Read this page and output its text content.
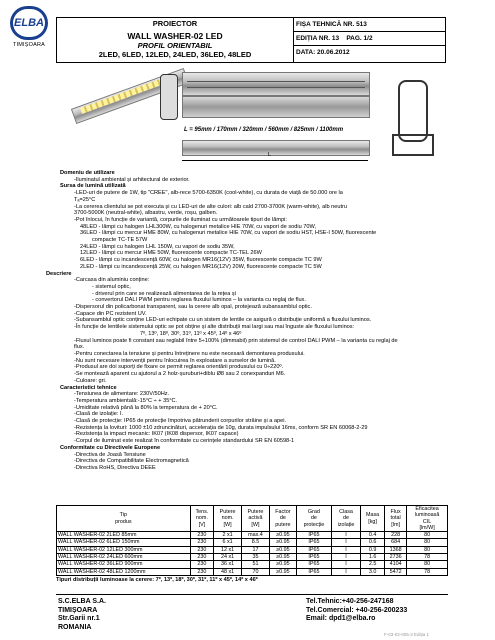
ELBA
TIMIȘOARA
PROIECTOR
WALL WASHER-02 LED
PROFIL ORIENTABIL
2LED, 6LED, 12LED, 24LED, 36LED, 48LED

FIȘA TEHNICĂ NR. 513
EDIȚIA NR. 13    PAG. 1/2
DATA: 20.06.2012
L
L = 95mm / 170mm / 320mm / 560mm / 825mm / 1100mm
Domeniu de utilizare
-Iluminatul ambiental și arhitectural de exterior.
Sursa de lumină utilizată
-LED-uri de putere de 1W, tip "CREE", alb-rece 5700-6350K (cool-white), cu durata de viață de 50.000 ore la
Tₐ=25°C
-La cererea clientului se pot executa și cu LED-uri de alte culori: alb cald 2700-3700K (warm-white), alb neutru
3700-5000K (neutral-white), albastru, verde, roșu, galben.
-Pot înlocui, în funcție de variantă, corpurile de iluminat cu următoarele tipuri de lămpi:
48LED - lămpi cu halogen LHL300W, cu halogenuri metalice HIE 70W, cu vapori de sodiu 70W,
36LED - lămpi cu mercur HME 80W, cu halogenuri metalice HIE 70W, cu vapori de sodiu HST, HSE-I 50W, fluorescente
compacte TC-TE 57W
24LED - lămpi cu halogen LHL 150W, cu vapori de sodiu 35W,
12LED - lămpi cu mercur HME 50W, fluorescente compacte TC-TEL 26W
6LED - lămpi cu incandescență 60W, cu halogen MR16(12V) 35W, fluorescente compacte TC 9W
2LED - lămpi cu incandescență 25W, cu halogen MR16(12V) 20W, fluorescente compacte TC 5W
Descriere
-Carcasa din aluminiu conține:
- sistemul optic,
- driverul prin care se realizează alimentarea de la rețea și
- convertorul DALI PWM pentru reglarea fluxului luminos – la varianta cu reglaj de flux.
-Dispersorul din policarbonat transparent, sau la cerere alb opal, protejează subansamblul optic.
-Capace din PC rezistent UV.
-Subansamblul optic conține LED-uri echipate cu un sistem de lentile ce asigură o distribuție uniformă a fluxului luminos.
-În funcție de lentilele sistemului optic se pot obține și alte distribuții mai largi sau mai înguste ale fluxului luminos:
7º, 13º, 18º, 30º, 31º, 11º x 45º, 14º x 46º
-Fluxul luminos poate fi constant sau reglabil între 5÷100% (dimmabil) prin sistemul de control DALI PWM – la varianta cu reglaj de
flux.
-Pentru conectarea la tensiune și pentru întreținere nu este necesară demontarea produsului.
-Nu sunt necesare intervenții pentru înlocuirea în exploatare a surselor de lumină.
-Produsul are doi suporți de fixare ce permit reglarea orientării produsului cu 0÷220º.
-Se montează aparent cu ajutorul a 2 holz-șuruburi+diblu Ø8 sau 2 conexpanduri M6.
-Culoare: gri.
Caracteristici tehnice
-Tensiunea de alimentare: 230V/50Hz.
-Temperatura ambientală:-15°C ÷ + 35°C.
-Umiditate relativă până la 80% la temperatura de + 20°C.
-Clasă de izolație: I.
-Clasă de protecție: IP65 de protecție împotriva pătrunderii corpurilor străine și a apei.
-Rezistența la lovituri: 1000 ±10 zdruncinături, accelerația de 10g, durata impulsului 16ms, conform SR EN 60068-2-29
-Rezistența la impact mecanic: IK07 (IK08 dispersor, IK07 capace)
-Corpul de iluminat este realizat în conformitate cu cerințele standardului SR EN 60598-1
Conformitate cu Directivele Europene
-Directiva de Joasă Tensiune
-Directiva de Compatibilitate Electromagnetică
-Directiva RoHS, Directiva DEEE
Tip
produs	Tens.
nom.
[V]	Putere
nom.
[W]	Putere
activă
[W]	Factor
de
putere	Grad
de
protecție	Clasa
de
izolație	Masa
[kg]	Flux
total
[lm]	Eficacitea
luminoasă
CIL
[lm/W]
WALL WASHER-02 2LED 85mm	230	2 x1	max.4	≥0.95	IP65	I	0.4	228	80
WALL WASHER-02 6LED 150mm	230	6 x1	8.5	≥0.95	IP65	I	0.6	684	80
WALL WASHER-02 12LED 300mm	230	12 x1	17	≥0.95	IP65	I	0.9	1368	80
WALL WASHER-02 24LED 600mm	230	24 x1	35	≥0.95	IP65	I	1.6	2736	78
WALL WASHER-02 36LED 900mm	230	36 x1	51	≥0.95	IP65	I	2.5	4104	80
WALL WASHER-02 48LED 1200mm	230	48 x1	70	≥0.95	IP65	I	3.0	5472	78
Tipuri distribuții luminoase la cerere: 7º, 13º, 18º, 30º, 31º, 11º x 45º, 14º x 46º
S.C.ELBA S.A.
TIMIȘOARA
Str.Garii nr.1
ROMANIA
Tel.Tehnic:+40-256-247168
Tel.Comercial: +40-256-200233
Email: dpd1@elba.ro
F-03-02-005-3 Ediția 1
